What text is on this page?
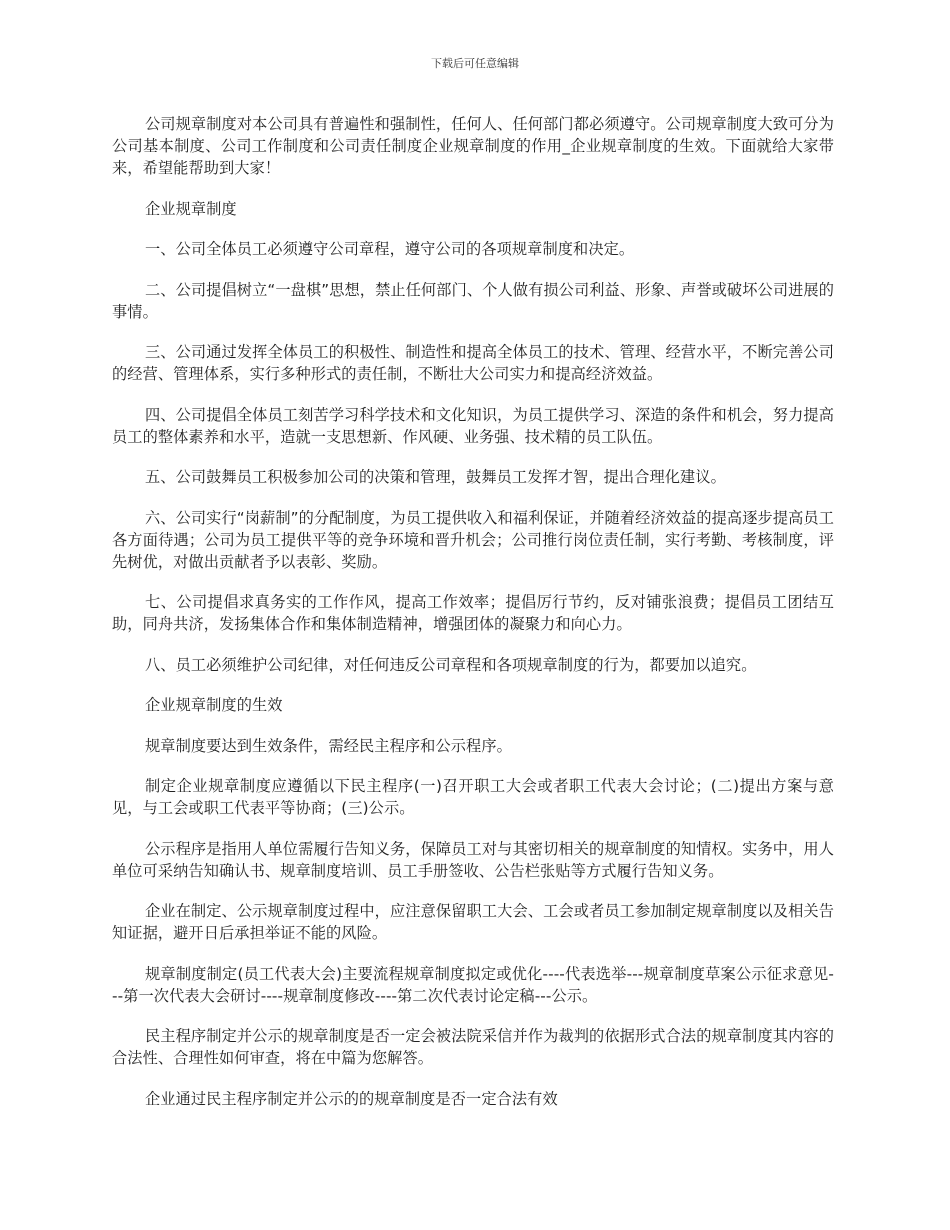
下载后可任意编辑

公司规章制度对本公司具有普遍性和强制性，任何人、任何部门都必须遵守。公司规章制度大致可分为公司基本制度、公司工作制度和公司责任制度企业规章制度的作用_企业规章制度的生效。下面就给大家带来，希望能帮助到大家！

企业规章制度

一、公司全体员工必须遵守公司章程，遵守公司的各项规章制度和决定。

二、公司提倡树立“一盘棋”思想，禁止任何部门、个人做有损公司利益、形象、声誉或破坏公司进展的事情。

三、公司通过发挥全体员工的积极性、制造性和提高全体员工的技术、管理、经营水平，不断完善公司的经营、管理体系，实行多种形式的责任制，不断壮大公司实力和提高经济效益。

四、公司提倡全体员工刻苦学习科学技术和文化知识，为员工提供学习、深造的条件和机会，努力提高员工的整体素养和水平，造就一支思想新、作风硬、业务强、技术精的员工队伍。

五、公司鼓舞员工积极参加公司的决策和管理，鼓舞员工发挥才智，提出合理化建议。

六、公司实行“岗薪制”的分配制度，为员工提供收入和福利保证，并随着经济效益的提高逐步提高员工各方面待遇；公司为员工提供平等的竞争环境和晋升机会；公司推行岗位责任制，实行考勤、考核制度，评先树优，对做出贡献者予以表彰、奖励。

七、公司提倡求真务实的工作作风，提高工作效率；提倡厉行节约，反对铺张浪费；提倡员工团结互助，同舟共济，发扬集体合作和集体制造精神，增强团体的凝聚力和向心力。

八、员工必须维护公司纪律，对任何违反公司章程和各项规章制度的行为，都要加以追究。

企业规章制度的生效

规章制度要达到生效条件，需经民主程序和公示程序。

制定企业规章制度应遵循以下民主程序(一)召开职工大会或者职工代表大会讨论；(二)提出方案与意见，与工会或职工代表平等协商；(三)公示。

公示程序是指用人单位需履行告知义务，保障员工对与其密切相关的规章制度的知情权。实务中，用人单位可采纳告知确认书、规章制度培训、员工手册签收、公告栏张贴等方式履行告知义务。

企业在制定、公示规章制度过程中，应注意保留职工大会、工会或者员工参加制定规章制度以及相关告知证据，避开日后承担举证不能的风险。

规章制度制定(员工代表大会)主要流程规章制度拟定或优化----代表选举---规章制度草案公示征求意见---第一次代表大会研讨----规章制度修改----第二次代表讨论定稿---公示。

民主程序制定并公示的规章制度是否一定会被法院采信并作为裁判的依据形式合法的规章制度其内容的合法性、合理性如何审查，将在中篇为您解答。

企业通过民主程序制定并公示的的规章制度是否一定合法有效
